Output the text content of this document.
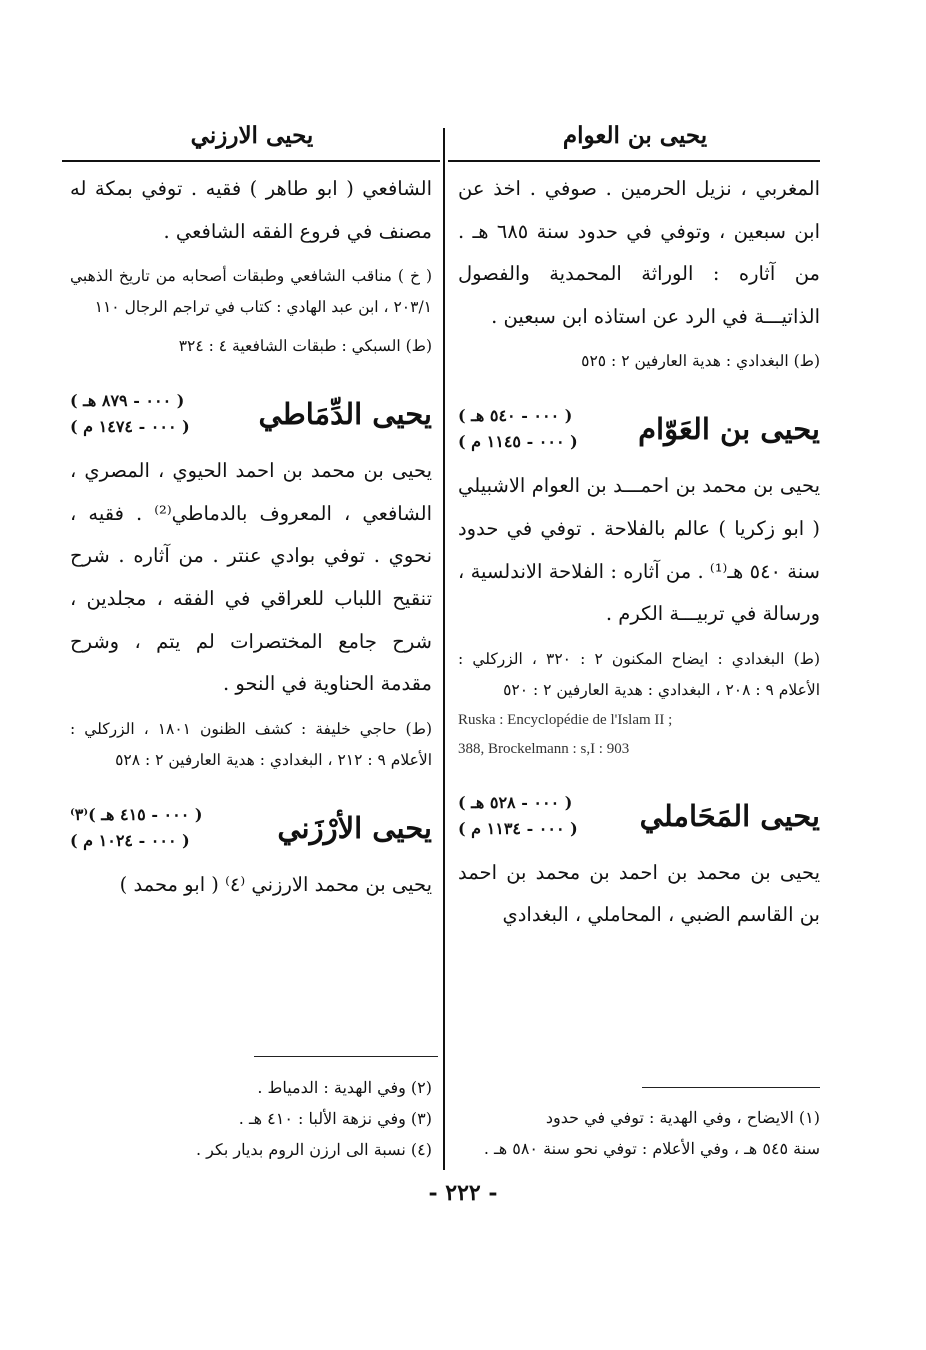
يحيى بن العوام
يحيى الارزني

المغربي ، نزيل الحرمين . صوفي . اخذ عن ابن سبعين ، وتوفي في حدود سنة ٦٨٥ هـ . من آثاره : الوراثة المحمدية والفصول الذاتيـــة في الرد عن استاذه ابن سبعين .

(ط) البغدادي : هدية العارفين ٢ : ٥٢٥

يحيى بن العَوّام
( ٠٠٠ - ٥٤٠ هـ )
( ٠٠٠ - ١١٤٥ م )

يحيى بن محمد بن احمـــد بن العوام الاشبيلي ( ابو زكريا ) عالم بالفلاحة . توفي في حدود سنة ٥٤٠ هـ⁽¹⁾ . من آثاره : الفلاحة الاندلسية ، ورسالة في تربيـــة الكرم .

(ط) البغدادي : ايضاح المكنون ٢ : ٣٢٠ ، الزركلي : الأعلام ٩ : ٢٠٨ ، البغدادي : هدية العارفين ٢ : ٥٢٠

Ruska : Encyclopédie de l'Islam II ;

388, Brockelmann : s,I : 903

يحيى المَحَاملي
( ٠٠٠ - ٥٢٨ هـ )
( ٠٠٠ - ١١٣٤ م )

يحيى بن محمد بن احمد بن محمد بن احمد بن القاسم الضبي ، المحاملي ، البغدادي

الشافعي ( ابو طاهر ) فقيه . توفي بمكة له مصنف في فروع الفقه الشافعي .

( خ ) مناقب الشافعي وطبقات أصحابه من تاريخ الذهبي ٢٠٣/١ ، ابن عبد الهادي : كتاب في تراجم الرجال ١١٠

(ط) السبكي : طبقات الشافعية ٤ : ٣٢٤

يحيى الدِّمَاطي
( ٠٠٠ - ٨٧٩ هـ )
( ٠٠٠ - ١٤٧٤ م )

يحيى بن محمد بن احمد الحيوي ، المصري ، الشافعي ، المعروف بالدماطي⁽²⁾ . فقيه ، نحوي . توفي بوادي عنتر . من آثاره . شرح تنقيح اللباب للعراقي في الفقه ، مجلدين ، شرح جامع المختصرات لم يتم ، وشرح مقدمة الحناوية في النحو .

(ط) حاجي خليفة : كشف الظنون ١٨٠١ ، الزركلي : الأعلام ٩ : ٢١٢ ، البغدادي : هدية العارفين ٢ : ٥٢٨

يحيى الأرْزَني
( ٠٠٠ - ٤١٥ هـ )⁽٣⁾
( ٠٠٠ - ١٠٢٤ م )

يحيى بن محمد الارزني ⁽٤⁾ ( ابو محمد )

(١) الايضاح ، وفي الهدية : توفي في حدود

سنة ٥٤٥ هـ ، وفي الأعلام : توفي نحو سنة ٥٨٠ هـ .

(٢) وفي الهدية : الدمياط .

(٣) وفي نزهة الألبا : ٤١٠ هـ .

(٤) نسبة الى ارزن الروم بديار بكر .

- ٢٢٢ -
